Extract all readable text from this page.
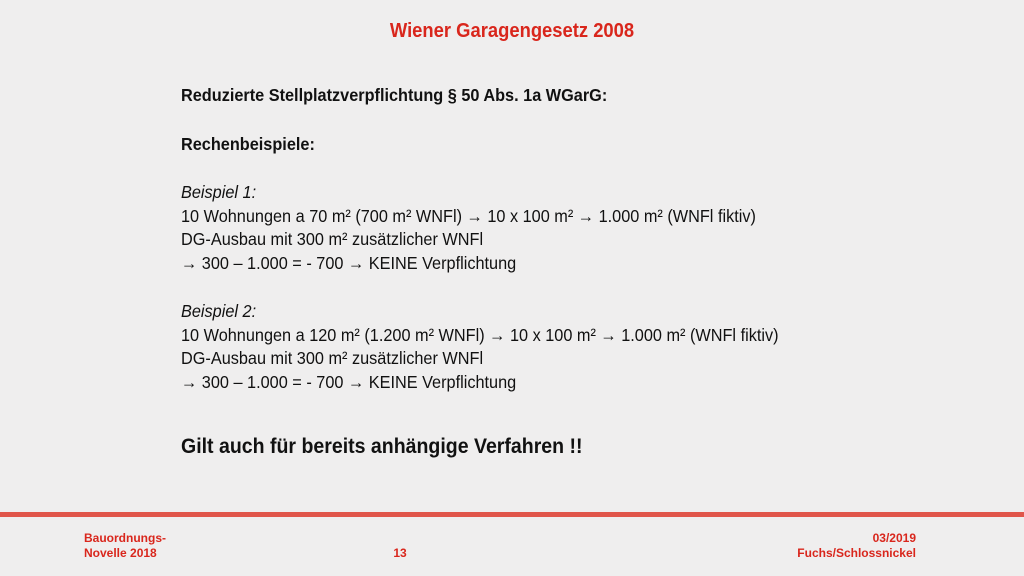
Wiener Garagengesetz 2008
Reduzierte Stellplatzverpflichtung § 50 Abs. 1a WGarG:
Rechenbeispiele:
Beispiel 1:
10 Wohnungen a 70 m² (700 m² WNFl) → 10 x 100 m² → 1.000 m² (WNFl fiktiv)
DG-Ausbau mit 300 m² zusätzlicher WNFl
→ 300 – 1.000 = - 700 → KEINE Verpflichtung
Beispiel 2:
10 Wohnungen a 120 m² (1.200 m² WNFl) → 10 x 100 m² → 1.000 m² (WNFl fiktiv)
DG-Ausbau mit 300 m² zusätzlicher WNFl
→ 300 – 1.000 = - 700 → KEINE Verpflichtung
Gilt auch für bereits anhängige Verfahren !!
Bauordnungs-
Novelle 2018	13
03/2019
Fuchs/Schlossnickel
